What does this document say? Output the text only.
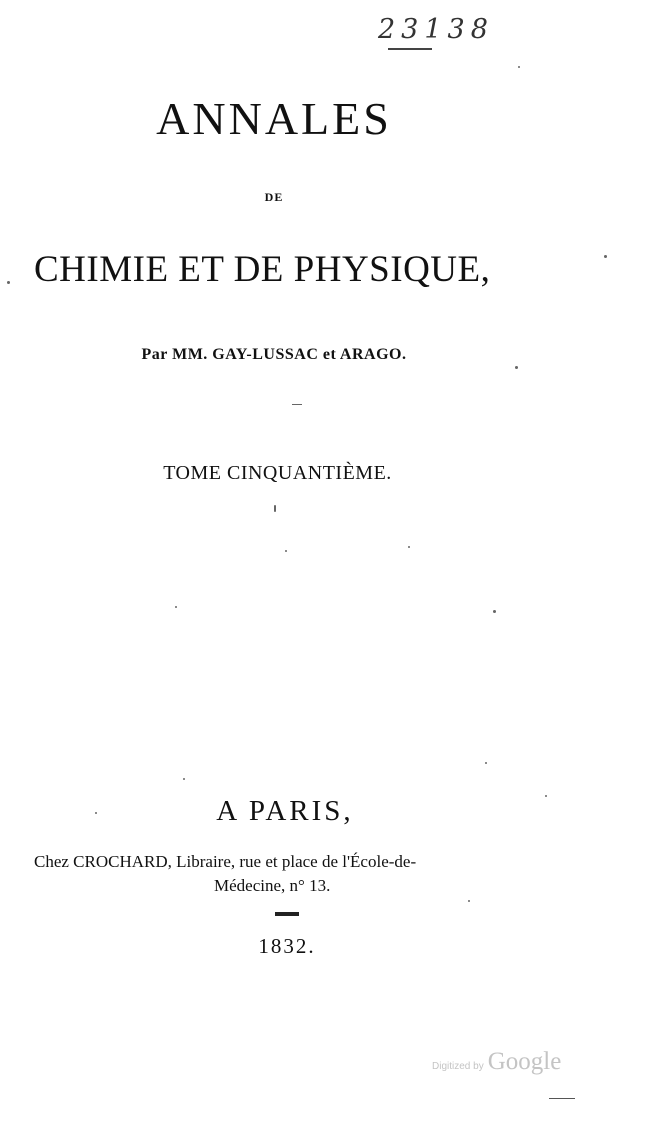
23138
ANNALES
DE
CHIMIE ET DE PHYSIQUE,
Par MM. GAY-LUSSAC et ARAGO.
TOME CINQUANTIÈME.
A PARIS,
Chez CROCHARD, Libraire, rue et place de l'École-de-
Médecine, n° 13.
1832.
Digitized by Google
